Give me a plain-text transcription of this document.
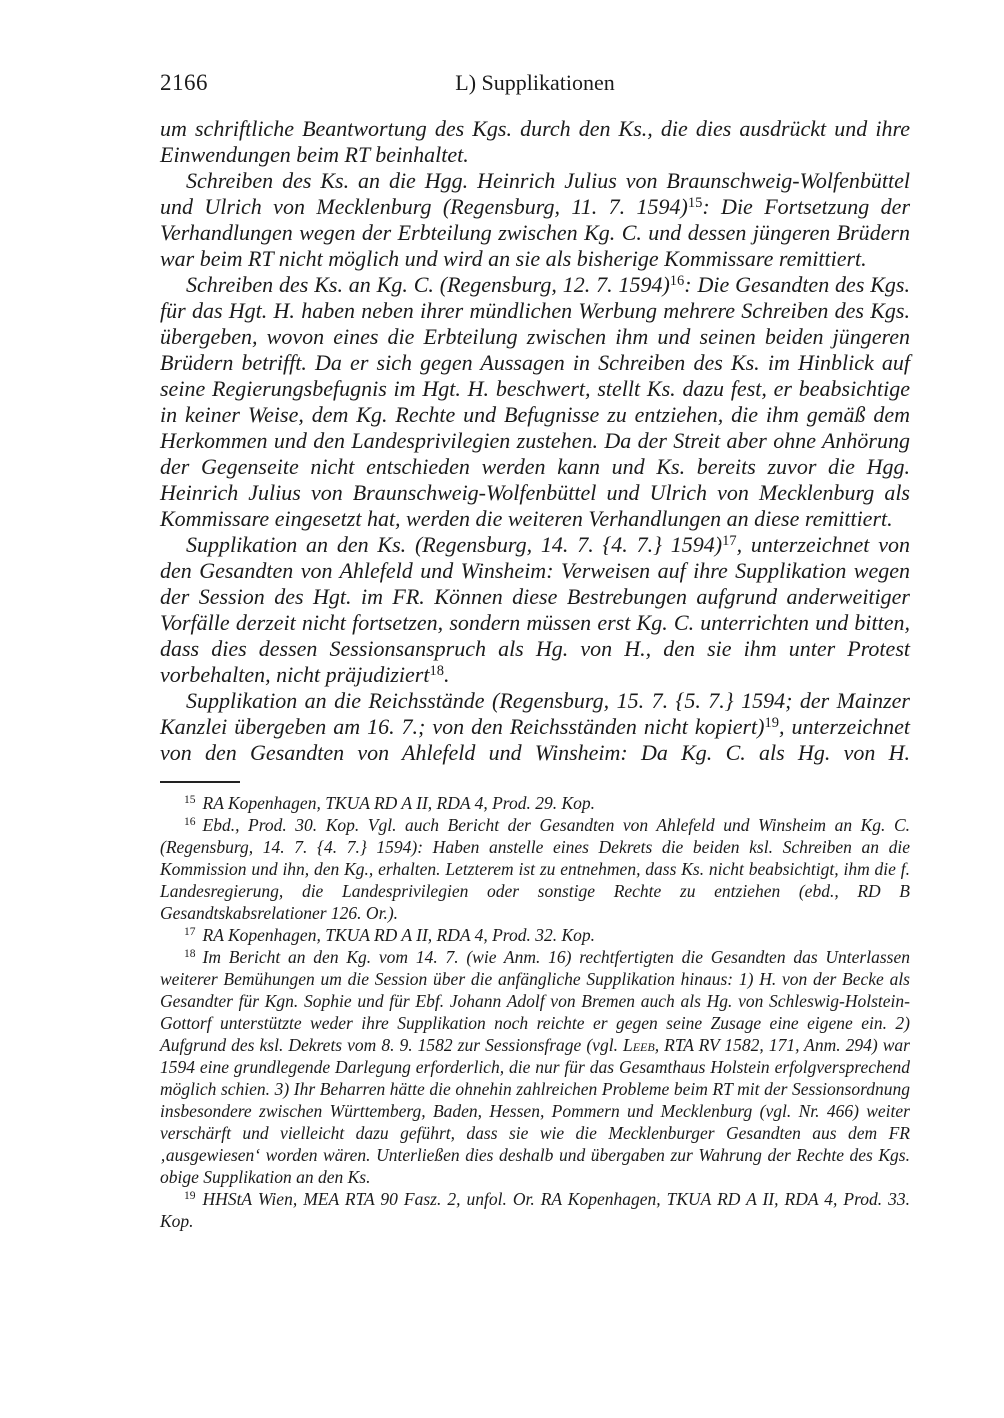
2166	L) Supplikationen

um schriftliche Beantwortung des Kgs. durch den Ks., die dies ausdrückt und ihre Einwendungen beim RT beinhaltet.

Schreiben des Ks. an die Hgg. Heinrich Julius von Braunschweig-Wolfenbüttel und Ulrich von Mecklenburg (Regensburg, 11. 7. 1594)$^{15}$: Die Fortsetzung der Verhandlungen wegen der Erbteilung zwischen Kg. C. und dessen jüngeren Brüdern war beim RT nicht möglich und wird an sie als bisherige Kommissare remittiert.

Schreiben des Ks. an Kg. C. (Regensburg, 12. 7. 1594)$^{16}$: Die Gesandten des Kgs. für das Hgt. H. haben neben ihrer mündlichen Werbung mehrere Schreiben des Kgs. übergeben, wovon eines die Erbteilung zwischen ihm und seinen beiden jüngeren Brüdern betrifft. Da er sich gegen Aussagen in Schreiben des Ks. im Hinblick auf seine Regierungsbefugnis im Hgt. H. beschwert, stellt Ks. dazu fest, er beabsichtige in keiner Weise, dem Kg. Rechte und Befugnisse zu entziehen, die ihm gemäß dem Herkommen und den Landesprivilegien zustehen. Da der Streit aber ohne Anhörung der Gegenseite nicht entschieden werden kann und Ks. bereits zuvor die Hgg. Heinrich Julius von Braunschweig-Wolfenbüttel und Ulrich von Mecklenburg als Kommissare eingesetzt hat, werden die weiteren Verhandlungen an diese remittiert.

Supplikation an den Ks. (Regensburg, 14. 7. {4. 7.} 1594)$^{17}$, unterzeichnet von den Gesandten von Ahlefeld und Winsheim: Verweisen auf ihre Supplikation wegen der Session des Hgt. im FR. Können diese Bestrebungen aufgrund anderweitiger Vorfälle derzeit nicht fortsetzen, sondern müssen erst Kg. C. unterrichten und bitten, dass dies dessen Sessionsanspruch als Hg. von H., den sie ihm unter Protest vorbehalten, nicht präjudiziert$^{18}$.

Supplikation an die Reichsstände (Regensburg, 15. 7. {5. 7.} 1594; der Mainzer Kanzlei übergeben am 16. 7.; von den Reichsständen nicht kopiert)$^{19}$, unterzeichnet von den Gesandten von Ahlefeld und Winsheim: Da Kg. C. als Hg. von H.

$^{15}$ RA Kopenhagen, TKUA RD A II, RDA 4, Prod. 29. Kop.

$^{16}$ Ebd., Prod. 30. Kop. Vgl. auch Bericht der Gesandten von Ahlefeld und Winsheim an Kg. C. (Regensburg, 14. 7. {4. 7.} 1594): Haben anstelle eines Dekrets die beiden ksl. Schreiben an die Kommission und ihn, den Kg., erhalten. Letzterem ist zu entnehmen, dass Ks. nicht beabsichtigt, ihm die f. Landesregierung, die Landesprivilegien oder sonstige Rechte zu entziehen (ebd., RD B Gesandtskabsrelationer 126. Or.).

$^{17}$ RA Kopenhagen, TKUA RD A II, RDA 4, Prod. 32. Kop.

$^{18}$ Im Bericht an den Kg. vom 14. 7. (wie Anm. 16) rechtfertigten die Gesandten das Unterlassen weiterer Bemühungen um die Session über die anfängliche Supplikation hinaus: 1) H. von der Becke als Gesandter für Kgn. Sophie und für Ebf. Johann Adolf von Bremen auch als Hg. von Schleswig-Holstein-Gottorf unterstützte weder ihre Supplikation noch reichte er gegen seine Zusage eine eigene ein. 2) Aufgrund des ksl. Dekrets vom 8. 9. 1582 zur Sessionsfrage (vgl. Leeb, RTA RV 1582, 171, Anm. 294) war 1594 eine grundlegende Darlegung erforderlich, die nur für das Gesamthaus Holstein erfolgversprechend möglich schien. 3) Ihr Beharren hätte die ohnehin zahlreichen Probleme beim RT mit der Sessionsordnung insbesondere zwischen Württemberg, Baden, Hessen, Pommern und Mecklenburg (vgl. Nr. 466) weiter verschärft und vielleicht dazu geführt, dass sie wie die Mecklenburger Gesandten aus dem FR ‚ausgewiesen‘ worden wären. Unterließen dies deshalb und übergaben zur Wahrung der Rechte des Kgs. obige Supplikation an den Ks.

$^{19}$ HHStA Wien, MEA RTA 90 Fasz. 2, unfol. Or. RA Kopenhagen, TKUA RD A II, RDA 4, Prod. 33. Kop.
